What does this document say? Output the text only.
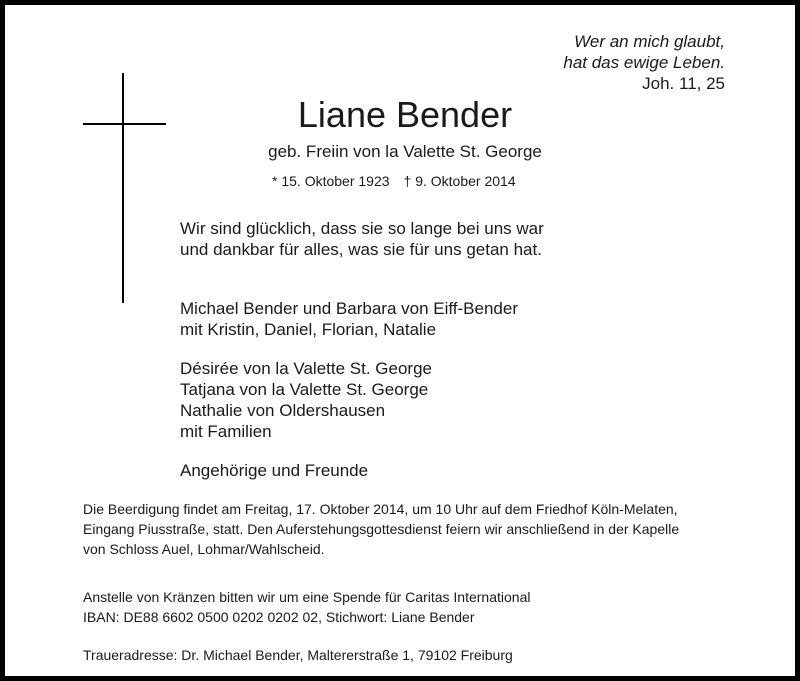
Wer an mich glaubt,
hat das ewige Leben.
Joh. 11, 25
Liane Bender
geb. Freiin von la Valette St. George
* 15. Oktober 1923 † 9. Oktober 2014
Wir sind glücklich, dass sie so lange bei uns war
und dankbar für alles, was sie für uns getan hat.
Michael Bender und Barbara von Eiff-Bender
mit Kristin, Daniel, Florian, Natalie
Désirée von la Valette St. George
Tatjana von la Valette St. George
Nathalie von Oldershausen
mit Familien
Angehörige und Freunde
Die Beerdigung findet am Freitag, 17. Oktober 2014, um 10 Uhr auf dem Friedhof Köln-Melaten,
Eingang Piusstraße, statt. Den Auferstehungsgottesdienst feiern wir anschließend in der Kapelle
von Schloss Auel, Lohmar/Wahlscheid.
Anstelle von Kränzen bitten wir um eine Spende für Caritas International
IBAN: DE88 6602 0500 0202 0202 02, Stichwort: Liane Bender
Traueradresse: Dr. Michael Bender, Maltererstraße 1, 79102 Freiburg
